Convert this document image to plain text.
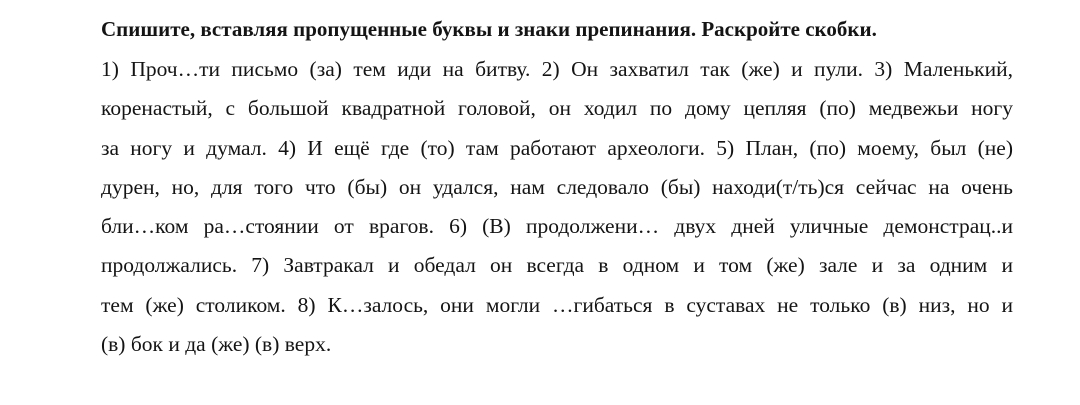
Спишите, вставляя пропущенные буквы и знаки препинания. Раскройте скобки.

1) Проч…ти письмо (за) тем иди на битву. 2) Он захватил так (же) и пули. 3) Маленький,

коренастый, с большой квадратной головой, он ходил по дому цепляя (по) медвежьи ногу

за ногу и думал. 4) И ещё где (то) там работают археологи. 5) План, (по) моему, был (не)

дурен, но, для того что (бы) он удался, нам следовало (бы) находи(т/ть)ся сейчас на очень

бли…ком ра…стоянии от врагов. 6) (В) продолжени… двух дней уличные демонстрац..и

продолжались. 7) Завтракал и обедал он всегда в одном и том (же) зале и за одним и

тем (же) столиком. 8) К…залось, они могли …гибаться в суставах не только (в) низ, но и

(в) бок и да (же) (в) верх.
